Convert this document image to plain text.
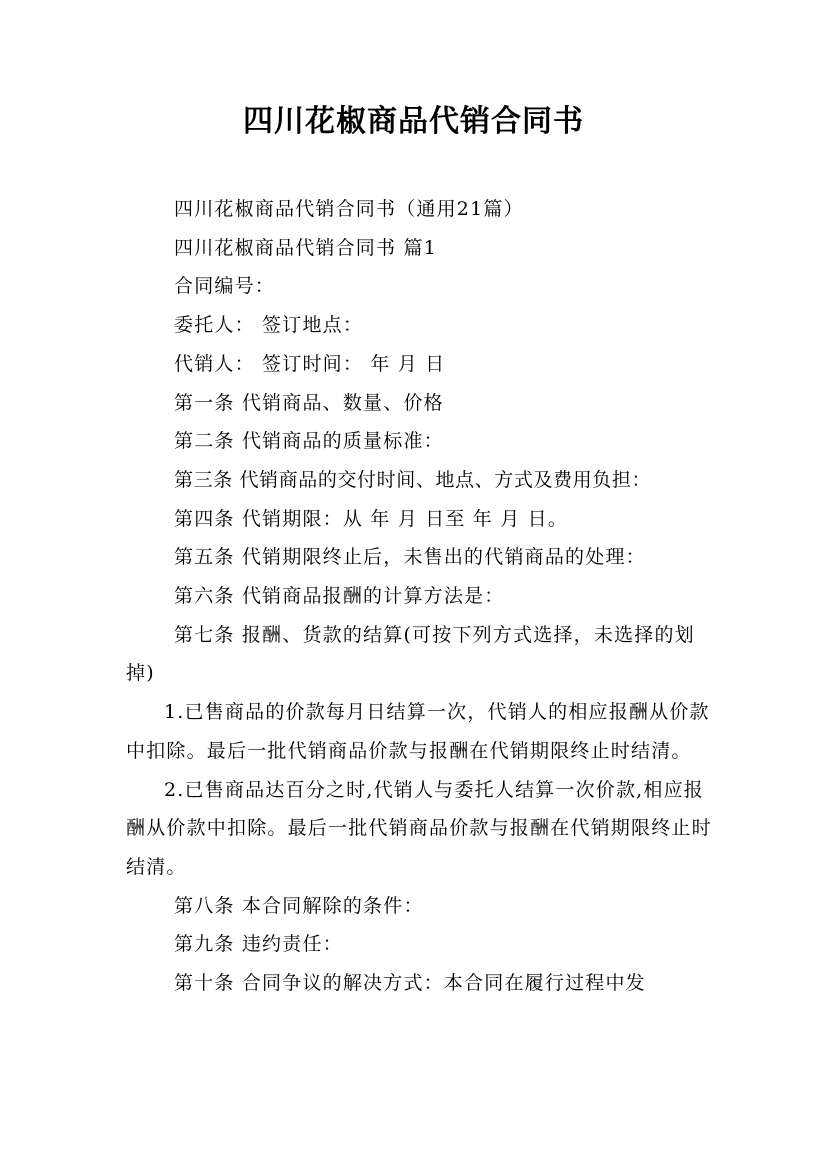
四川花椒商品代销合同书

四川花椒商品代销合同书（通用21篇）

四川花椒商品代销合同书 篇1

合同编号：

委托人： 签订地点：

代销人： 签订时间： 年 月 日

第一条 代销商品、数量、价格

第二条 代销商品的质量标准：

第三条 代销商品的交付时间、地点、方式及费用负担：

第四条 代销期限：从 年 月 日至 年 月 日。

第五条 代销期限终止后，未售出的代销商品的处理：

第六条 代销商品报酬的计算方法是：

第七条 报酬、货款的结算(可按下列方式选择，未选择的划掉)

1.已售商品的价款每月日结算一次，代销人的相应报酬从价款中扣除。最后一批代销商品价款与报酬在代销期限终止时结清。

2.已售商品达百分之时,代销人与委托人结算一次价款,相应报酬从价款中扣除。最后一批代销商品价款与报酬在代销期限终止时结清。

第八条 本合同解除的条件：

第九条 违约责任：

第十条 合同争议的解决方式：本合同在履行过程中发
